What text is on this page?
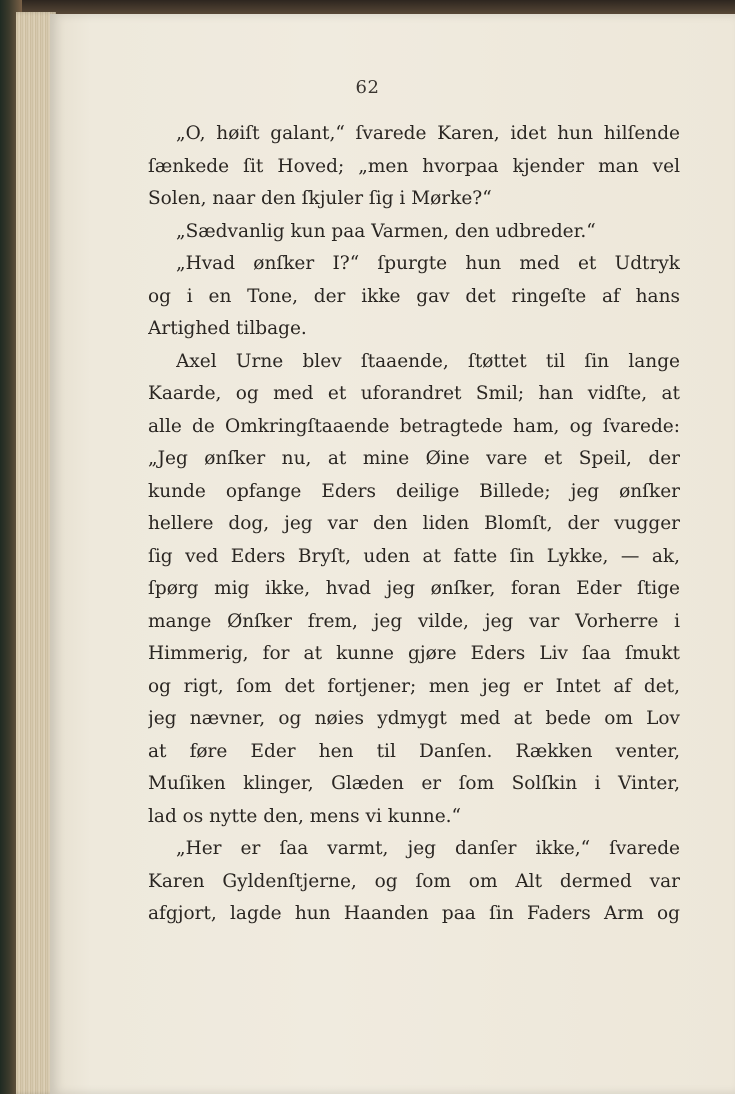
62
„O, høiſt galant,“ ſvarede Karen, idet hun hilſende
ſænkede ſit Hoved; „men hvorpaa kjender man vel
Solen, naar den ſkjuler ſig i Mørke?“
„Sædvanlig kun paa Varmen, den udbreder.“
„Hvad ønſker I?“ ſpurgte hun med et Udtryk
og i en Tone, der ikke gav det ringeſte af hans
Artighed tilbage.
Axel Urne blev ſtaaende, ſtøttet til ſin lange
Kaarde, og med et uforandret Smil; han vidſte, at
alle de Omkringſtaaende betragtede ham, og ſvarede:
„Jeg ønſker nu, at mine Øine vare et Speil, der
kunde opfange Eders deilige Billede; jeg ønſker
hellere dog, jeg var den liden Blomſt, der vugger
ſig ved Eders Bryſt, uden at fatte ſin Lykke, — ak,
ſpørg mig ikke, hvad jeg ønſker, foran Eder ſtige
mange Ønſker frem, jeg vilde, jeg var Vorherre i
Himmerig, for at kunne gjøre Eders Liv ſaa ſmukt
og rigt, ſom det fortjener; men jeg er Intet af det,
jeg nævner, og nøies ydmygt med at bede om Lov
at føre Eder hen til Danſen. Rækken venter,
Muſiken klinger, Glæden er ſom Solſkin i Vinter,
lad os nytte den, mens vi kunne.“
„Her er ſaa varmt, jeg danſer ikke,“ ſvarede
Karen Gyldenſtjerne, og ſom om Alt dermed var
afgjort, lagde hun Haanden paa ſin Faders Arm og
